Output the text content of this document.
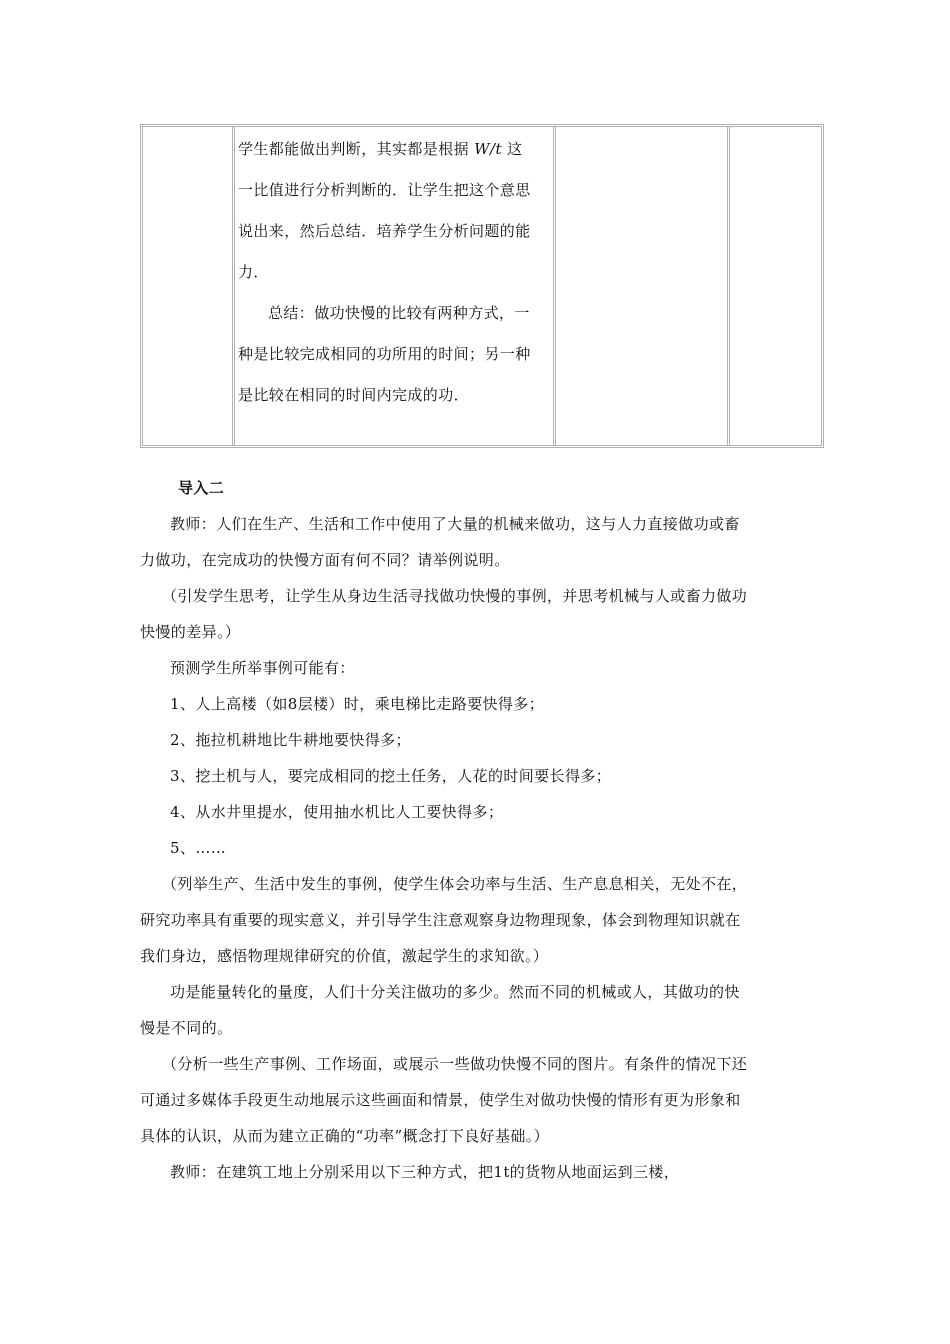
学生都能做出判断，其实都是根据 W/t 这

一比值进行分析判断的．让学生把这个意思

说出来，然后总结．培养学生分析问题的能

力．

总结：做功快慢的比较有两种方式，一

种是比较完成相同的功所用的时间；另一种

是比较在相同的时间内完成的功．

导入二

教师：人们在生产、生活和工作中使用了大量的机械来做功，这与人力直接做功或畜

力做功，在完成功的快慢方面有何不同？请举例说明。

（引发学生思考，让学生从身边生活寻找做功快慢的事例，并思考机械与人或畜力做功

快慢的差异。）

预测学生所举事例可能有：

1、人上高楼（如8层楼）时，乘电梯比走路要快得多；

2、拖拉机耕地比牛耕地要快得多；

3、挖土机与人，要完成相同的挖土任务，人花的时间要长得多；

4、从水井里提水，使用抽水机比人工要快得多；

5、……

（列举生产、生活中发生的事例，使学生体会功率与生活、生产息息相关，无处不在，

研究功率具有重要的现实意义，并引导学生注意观察身边物理现象，体会到物理知识就在

我们身边，感悟物理规律研究的价值，激起学生的求知欲。）

功是能量转化的量度，人们十分关注做功的多少。然而不同的机械或人，其做功的快

慢是不同的。

（分析一些生产事例、工作场面，或展示一些做功快慢不同的图片。有条件的情况下还

可通过多媒体手段更生动地展示这些画面和情景，使学生对做功快慢的情形有更为形象和

具体的认识，从而为建立正确的“功率”概念打下良好基础。）

教师：在建筑工地上分别采用以下三种方式，把1t的货物从地面运到三楼，
